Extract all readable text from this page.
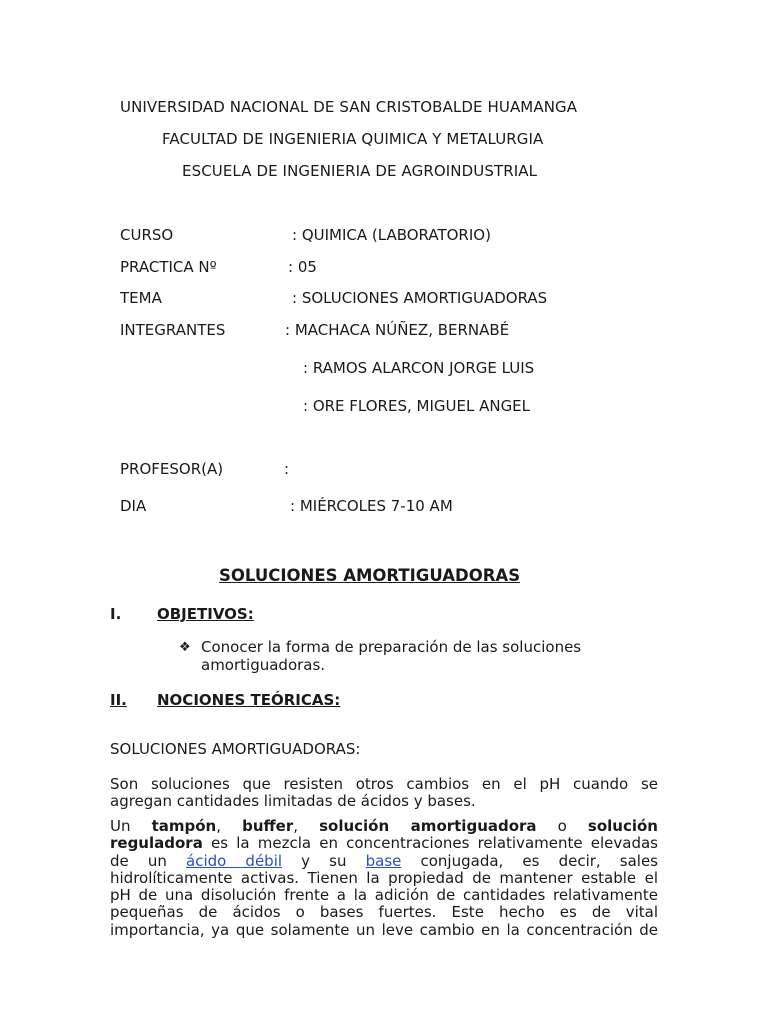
UNIVERSIDAD NACIONAL DE SAN CRISTOBALDE HUAMANGA
FACULTAD DE INGENIERIA QUIMICA Y METALURGIA
ESCUELA DE INGENIERIA DE AGROINDUSTRIAL
CURSO	: QUIMICA (LABORATORIO)
PRACTICA Nº	: 05
TEMA	: SOLUCIONES AMORTIGUADORAS
INTEGRANTES	: MACHACA NÚÑEZ, BERNABÉ
: RAMOS ALARCON JORGE LUIS
: ORE FLORES, MIGUEL ANGEL
PROFESOR(A)	:
DIA	: MIÉRCOLES 7-10 AM
SOLUCIONES AMORTIGUADORAS
I. OBJETIVOS:
❖ Conocer la forma de preparación de las soluciones
amortiguadoras.
II. NOCIONES TEÓRICAS:
SOLUCIONES AMORTIGUADORAS:
Son soluciones que resisten otros cambios en el pH cuando se
agregan cantidades limitadas de ácidos y bases.
Un tampón, buffer, solución amortiguadora o solución
reguladora es la mezcla en concentraciones relativamente elevadas
de un ácido débil y su base conjugada, es decir, sales
hidrolíticamente activas. Tienen la propiedad de mantener estable el
pH de una disolución frente a la adición de cantidades relativamente
pequeñas de ácidos o bases fuertes. Este hecho es de vital
importancia, ya que solamente un leve cambio en la concentración de
